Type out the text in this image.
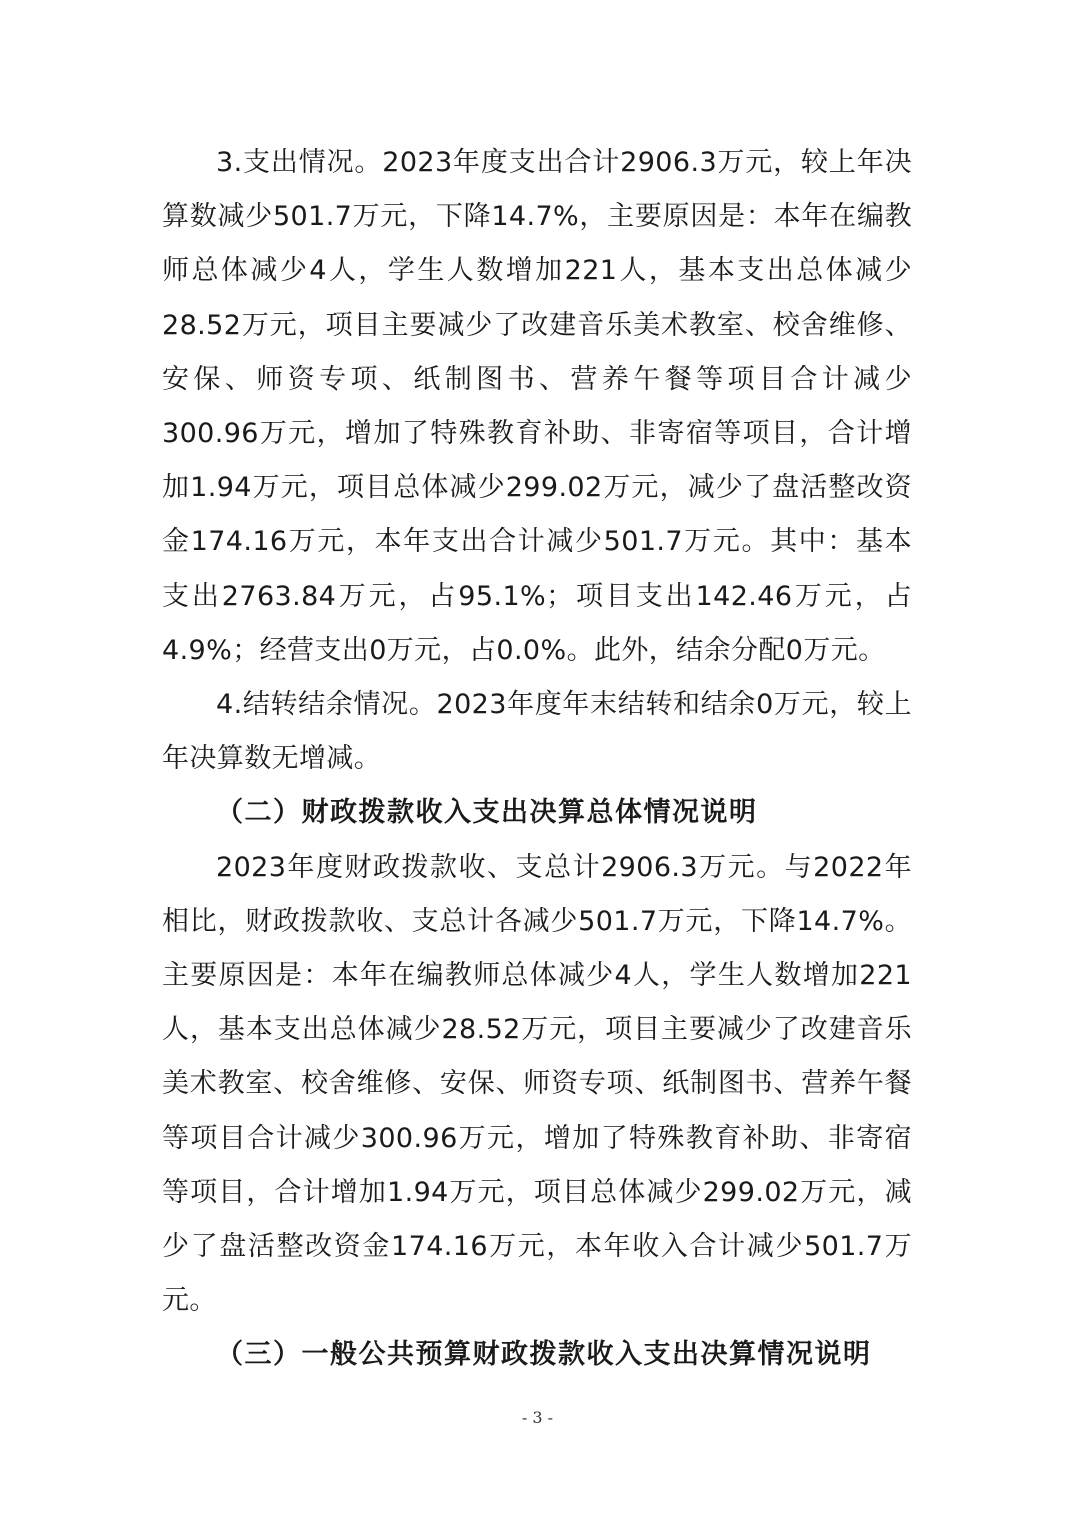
3.支出情况。2023年度支出合计2906.3万元，较上年决算数减少501.7万元，下降14.7%，主要原因是：本年在编教师总体减少4人，学生人数增加221人，基本支出总体减少28.52万元，项目主要减少了改建音乐美术教室、校舍维修、安保、师资专项、纸制图书、营养午餐等项目合计减少300.96万元，增加了特殊教育补助、非寄宿等项目，合计增加1.94万元，项目总体减少299.02万元，减少了盘活整改资金174.16万元，本年支出合计减少501.7万元。其中：基本支出2763.84万元，占95.1%；项目支出142.46万元，占4.9%；经营支出0万元，占0.0%。此外，结余分配0万元。

4.结转结余情况。2023年度年末结转和结余0万元，较上年决算数无增减。

（二）财政拨款收入支出决算总体情况说明

2023年度财政拨款收、支总计2906.3万元。与2022年相比，财政拨款收、支总计各减少501.7万元，下降14.7%。主要原因是：本年在编教师总体减少4人，学生人数增加221人，基本支出总体减少28.52万元，项目主要减少了改建音乐美术教室、校舍维修、安保、师资专项、纸制图书、营养午餐等项目合计减少300.96万元，增加了特殊教育补助、非寄宿等项目，合计增加1.94万元，项目总体减少299.02万元，减少了盘活整改资金174.16万元，本年收入合计减少501.7万元。

（三）一般公共预算财政拨款收入支出决算情况说明

- 3 -
